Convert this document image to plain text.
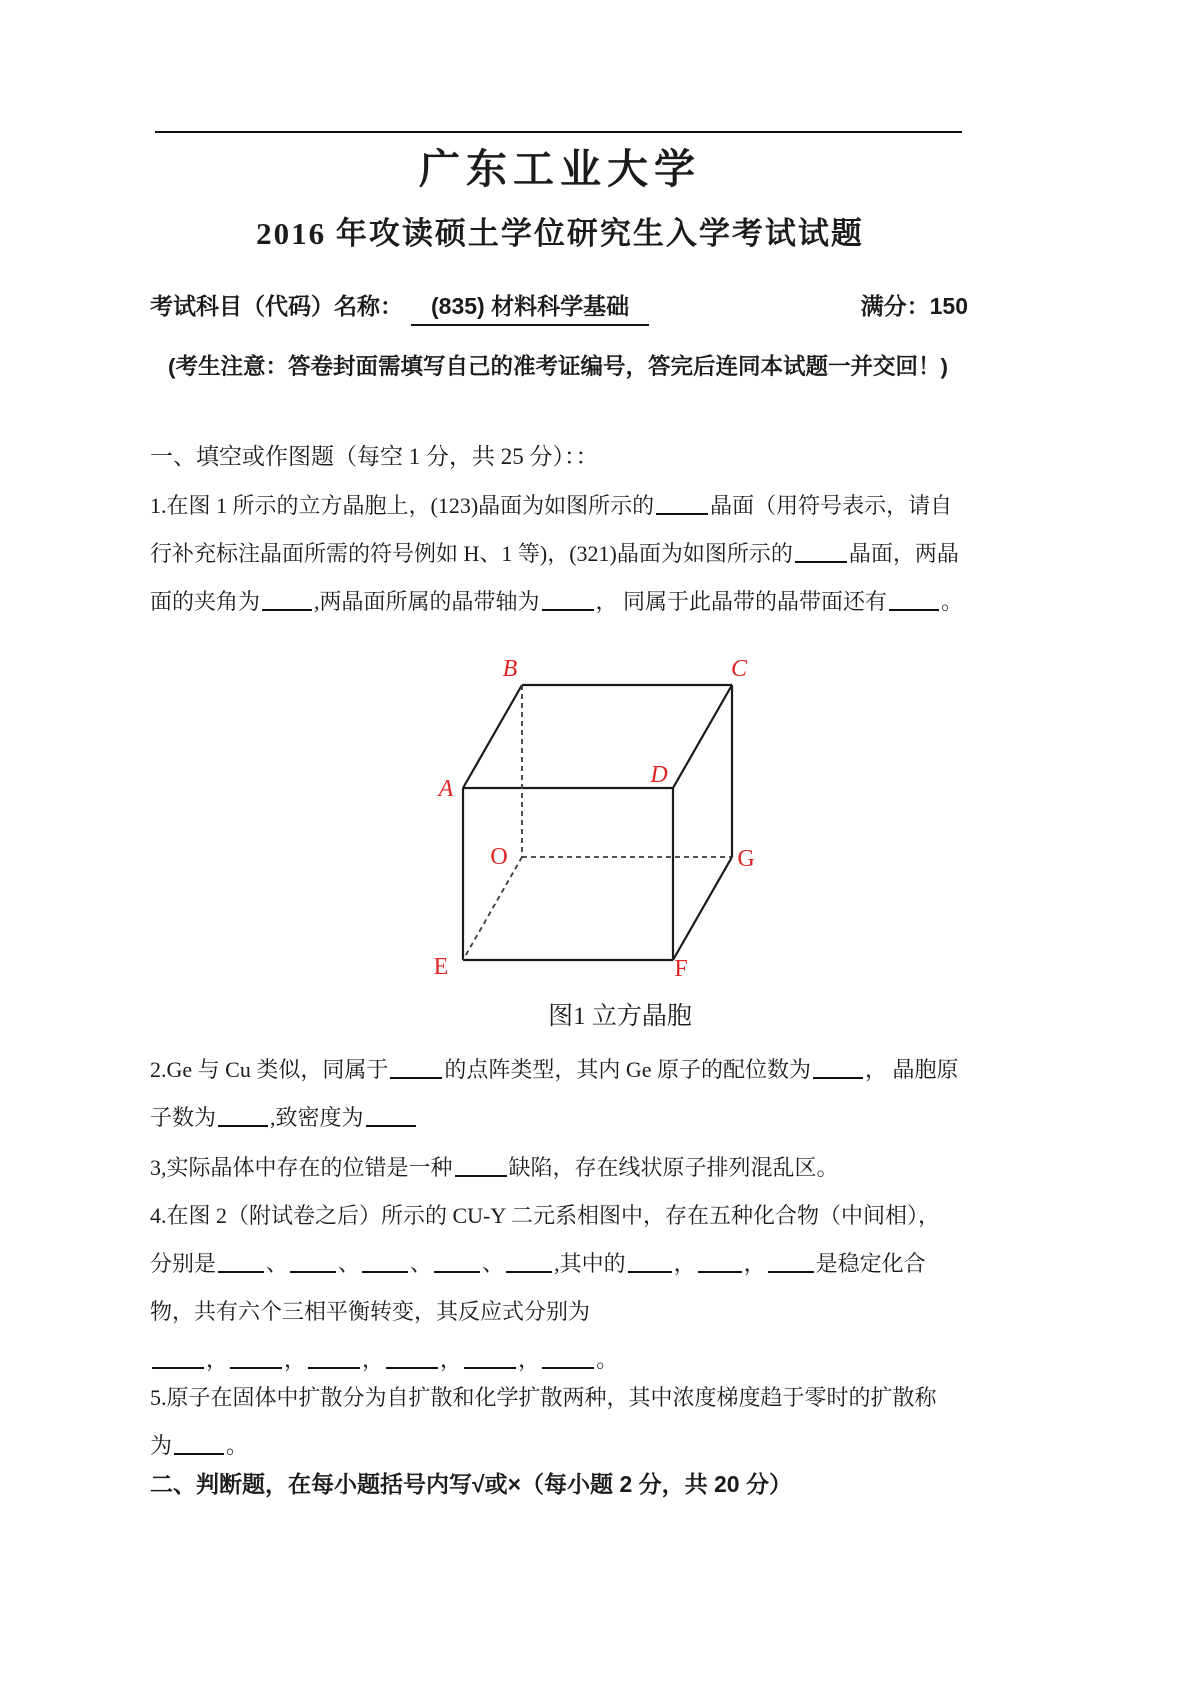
广东工业大学
2016 年攻读硕土学位研究生入学考试试题
考试科目（代码）名称：	(835) 材料科学基础	满分：150
(考生注意：答卷封面需填写自己的准考证编号，答完后连同本试题一并交回！)
一、填空或作图题（每空 1 分，共 25 分）：：
1.在图 1 所示的立方晶胞上，(123)晶面为如图所示的	晶面（用符号表示，请自
行补充标注晶面所需的符号例如 H、1 等)，(321)晶面为如图所示的	晶面，两晶
面的夹角为 ,两晶面所属的晶带轴为	， 同属于此晶带的晶带面还有 。
B	C
A
D
O	G
E	F
图1 立方晶胞
2.Ge 与 Cu 类似，同属于	的点阵类型，其内 Ge 原子的配位数为 ， 晶胞原
子数为 ,致密度为
3,实际晶体中存在的位错是一种	缺陷，存在线状原子排列混乱区。
4.在图 2（附试卷之后）所示的 CU-Y 二元系相图中，存在五种化合物（中间相），
分别是 、 、 、 、 ,其中的 ， ， 是稳定化合
物，共有六个三相平衡转变，其反应式分别为
，	，	，	，	，	。
5.原子在固体中扩散分为自扩散和化学扩散两种，其中浓度梯度趋于零时的扩散称
为 。
二、判断题，在每小题括号内写√或×（每小题 2 分，共 20 分）
